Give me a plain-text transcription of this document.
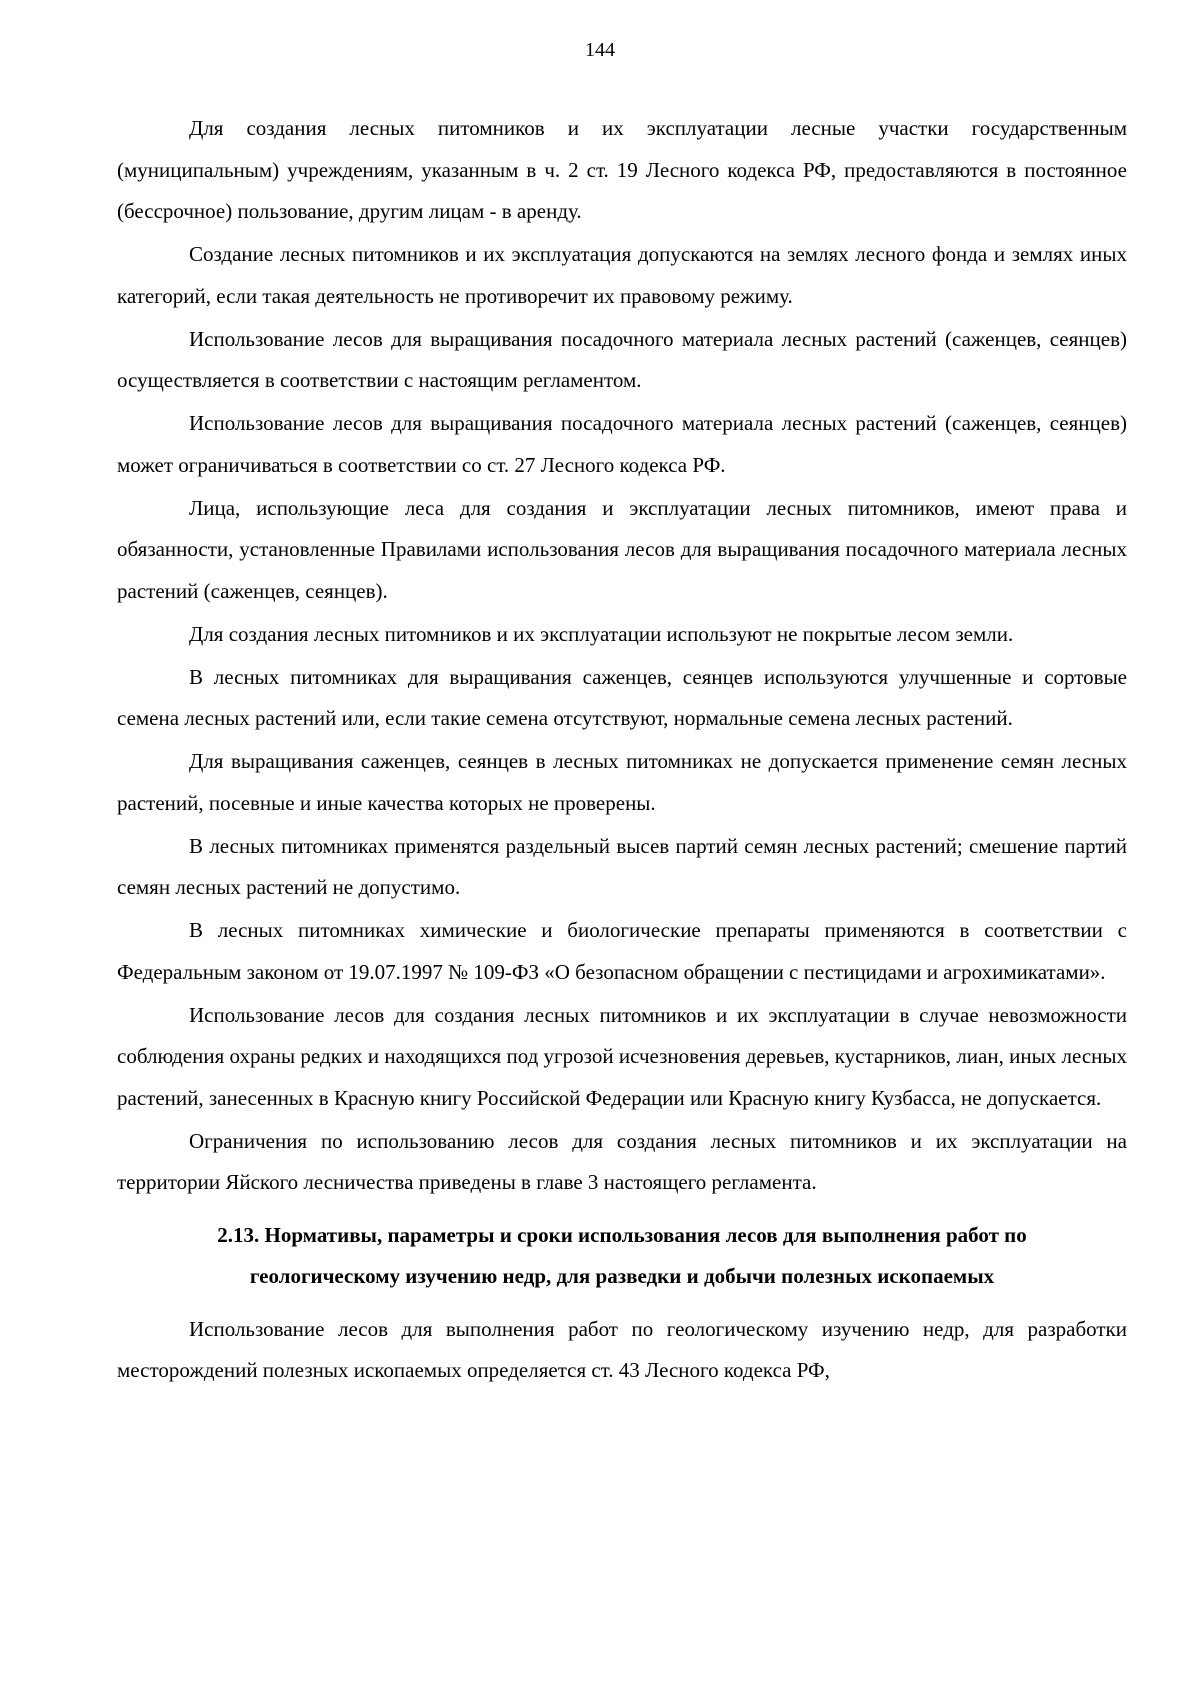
144

Для создания лесных питомников и их эксплуатации лесные участки государственным (муниципальным) учреждениям, указанным в ч. 2 ст. 19 Лесного кодекса РФ, предоставляются в постоянное (бессрочное) пользование, другим лицам - в аренду.

Создание лесных питомников и их эксплуатация допускаются на землях лесного фонда и землях иных категорий, если такая деятельность не противоречит их правовому режиму.

Использование лесов для выращивания посадочного материала лесных растений (саженцев, сеянцев) осуществляется в соответствии с настоящим регламентом.

Использование лесов для выращивания посадочного материала лесных растений (саженцев, сеянцев) может ограничиваться в соответствии со ст. 27 Лесного кодекса РФ.

Лица, использующие леса для создания и эксплуатации лесных питомников, имеют права и обязанности, установленные Правилами использования лесов для выращивания посадочного материала лесных растений (саженцев, сеянцев).

Для создания лесных питомников и их эксплуатации используют не покрытые лесом земли.

В лесных питомниках для выращивания саженцев, сеянцев используются улучшенные и сортовые семена лесных растений или, если такие семена отсутствуют, нормальные семена лесных растений.

Для выращивания саженцев, сеянцев в лесных питомниках не допускается применение семян лесных растений, посевные и иные качества которых не проверены.

В лесных питомниках применятся раздельный высев партий семян лесных растений; смешение партий семян лесных растений не допустимо.

В лесных питомниках химические и биологические препараты применяются в соответствии с Федеральным законом от 19.07.1997 № 109-ФЗ «О безопасном обращении с пестицидами и агрохимикатами».

Использование лесов для создания лесных питомников и их эксплуатации в случае невозможности соблюдения охраны редких и находящихся под угрозой исчезновения деревьев, кустарников, лиан, иных лесных растений, занесенных в Красную книгу Российской Федерации или Красную книгу Кузбасса, не допускается.

Ограничения по использованию лесов для создания лесных питомников и их эксплуатации на территории Яйского лесничества приведены в главе 3 настоящего регламента.

2.13. Нормативы, параметры и сроки использования лесов для выполнения работ по геологическому изучению недр, для разведки и добычи полезных ископаемых

Использование лесов для выполнения работ по геологическому изучению недр, для разработки месторождений полезных ископаемых определяется ст. 43 Лесного кодекса РФ,
